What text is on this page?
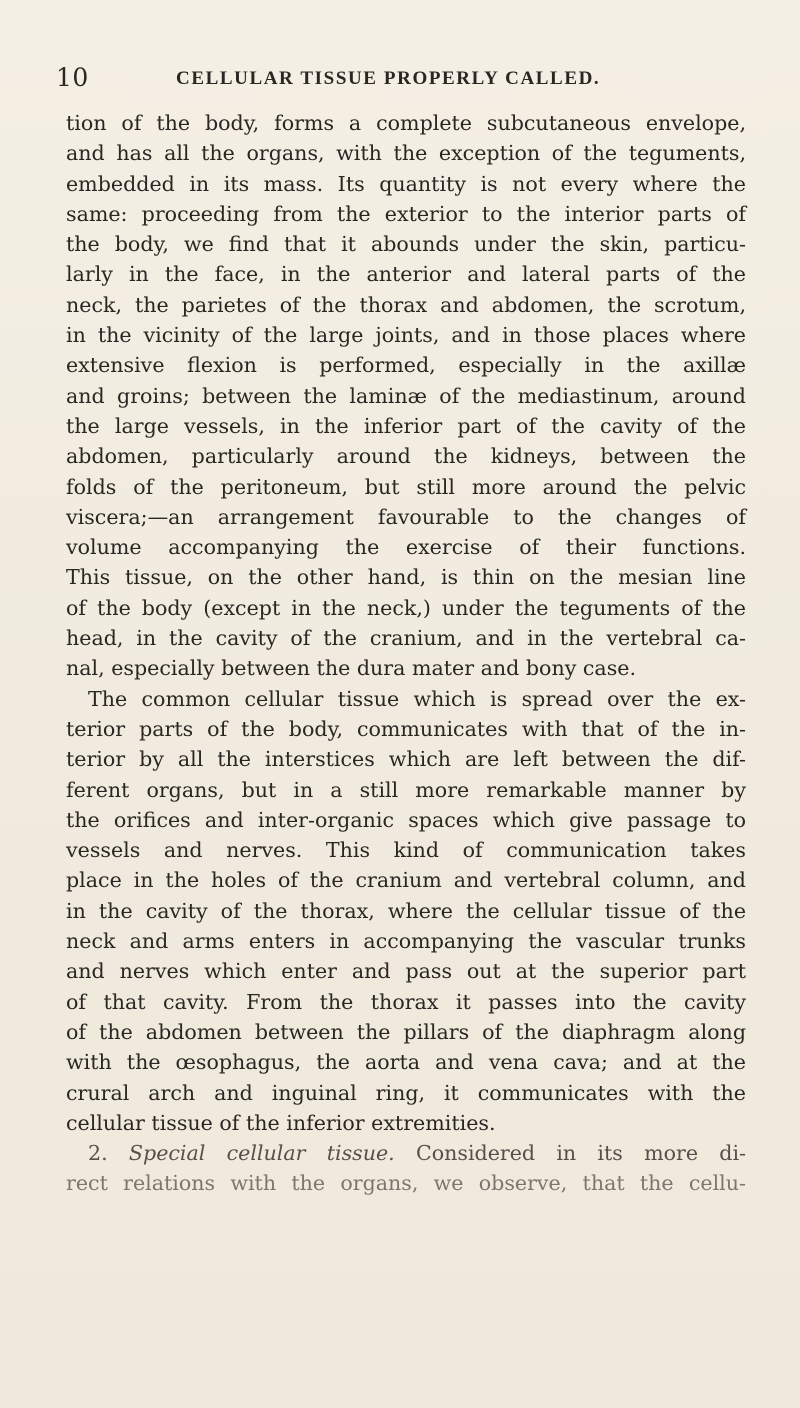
10	CELLULAR TISSUE PROPERLY CALLED.
tion of the body, forms a complete subcutaneous envelope,
and has all the organs, with the exception of the teguments,
embedded in its mass. Its quantity is not every where the
same: proceeding from the exterior to the interior parts of
the body, we find that it abounds under the skin, particu-
larly in the face, in the anterior and lateral parts of the
neck, the parietes of the thorax and abdomen, the scrotum,
in the vicinity of the large joints, and in those places where
extensive flexion is performed, especially in the axillæ
and groins; between the laminæ of the mediastinum, around
the large vessels, in the inferior part of the cavity of the
abdomen, particularly around the kidneys, between the
folds of the peritoneum, but still more around the pelvic
viscera;—an arrangement favourable to the changes of
volume accompanying the exercise of their functions.
This tissue, on the other hand, is thin on the mesian line
of the body (except in the neck,) under the teguments of the
head, in the cavity of the cranium, and in the vertebral ca-
nal, especially between the dura mater and bony case.
The common cellular tissue which is spread over the ex-
terior parts of the body, communicates with that of the in-
terior by all the interstices which are left between the dif-
ferent organs, but in a still more remarkable manner by
the orifices and inter-organic spaces which give passage to
vessels and nerves. This kind of communication takes
place in the holes of the cranium and vertebral column, and
in the cavity of the thorax, where the cellular tissue of the
neck and arms enters in accompanying the vascular trunks
and nerves which enter and pass out at the superior part
of that cavity. From the thorax it passes into the cavity
of the abdomen between the pillars of the diaphragm along
with the œsophagus, the aorta and vena cava; and at the
crural arch and inguinal ring, it communicates with the
cellular tissue of the inferior extremities.
2. Special cellular tissue. Considered in its more di-
rect relations with the organs, we observe, that the cellu-
